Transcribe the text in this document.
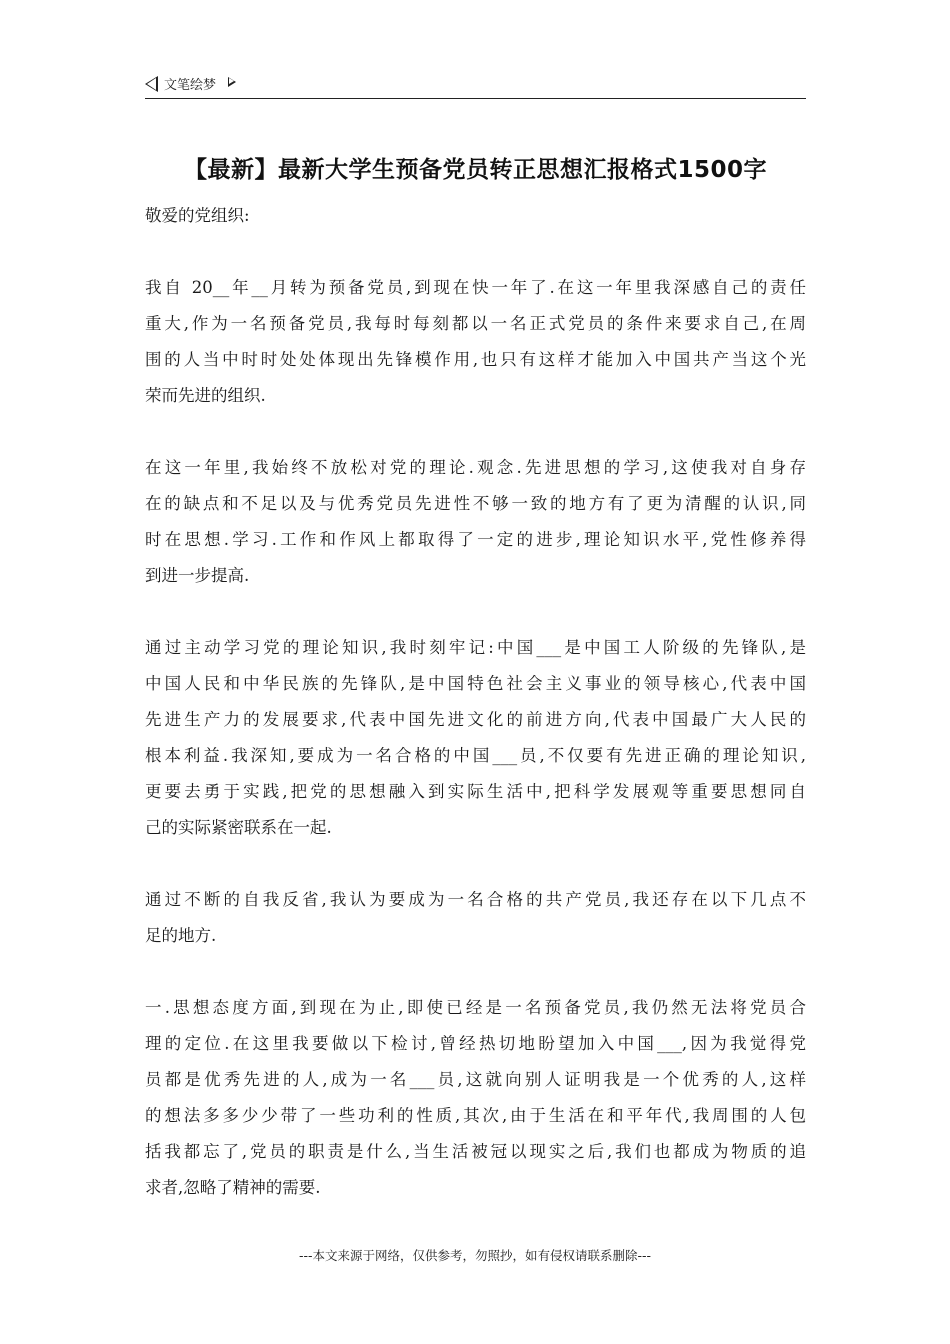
文笔绘梦
【最新】最新大学生预备党员转正思想汇报格式1500字

敬爱的党组织:

我自 20__年__月转为预备党员,到现在快一年了.在这一年里我深感自己的责任
重大,作为一名预备党员,我每时每刻都以一名正式党员的条件来要求自己,在周
围的人当中时时处处体现出先锋模作用,也只有这样才能加入中国共产当这个光
荣而先进的组织.

在这一年里,我始终不放松对党的理论.观念.先进思想的学习,这使我对自身存
在的缺点和不足以及与优秀党员先进性不够一致的地方有了更为清醒的认识,同
时在思想.学习.工作和作风上都取得了一定的进步,理论知识水平,党性修养得
到进一步提高.

通过主动学习党的理论知识,我时刻牢记:中国___是中国工人阶级的先锋队,是
中国人民和中华民族的先锋队,是中国特色社会主义事业的领导核心,代表中国
先进生产力的发展要求,代表中国先进文化的前进方向,代表中国最广大人民的
根本利益.我深知,要成为一名合格的中国___员,不仅要有先进正确的理论知识,
更要去勇于实践,把党的思想融入到实际生活中,把科学发展观等重要思想同自
己的实际紧密联系在一起.

通过不断的自我反省,我认为要成为一名合格的共产党员,我还存在以下几点不
足的地方.

一.思想态度方面,到现在为止,即使已经是一名预备党员,我仍然无法将党员合
理的定位.在这里我要做以下检讨,曾经热切地盼望加入中国___,因为我觉得党
员都是优秀先进的人,成为一名___员,这就向别人证明我是一个优秀的人,这样
的想法多多少少带了一些功利的性质,其次,由于生活在和平年代,我周围的人包
括我都忘了,党员的职责是什么,当生活被冠以现实之后,我们也都成为物质的追
求者,忽略了精神的需要.

---本文来源于网络，仅供参考，勿照抄，如有侵权请联系删除---
